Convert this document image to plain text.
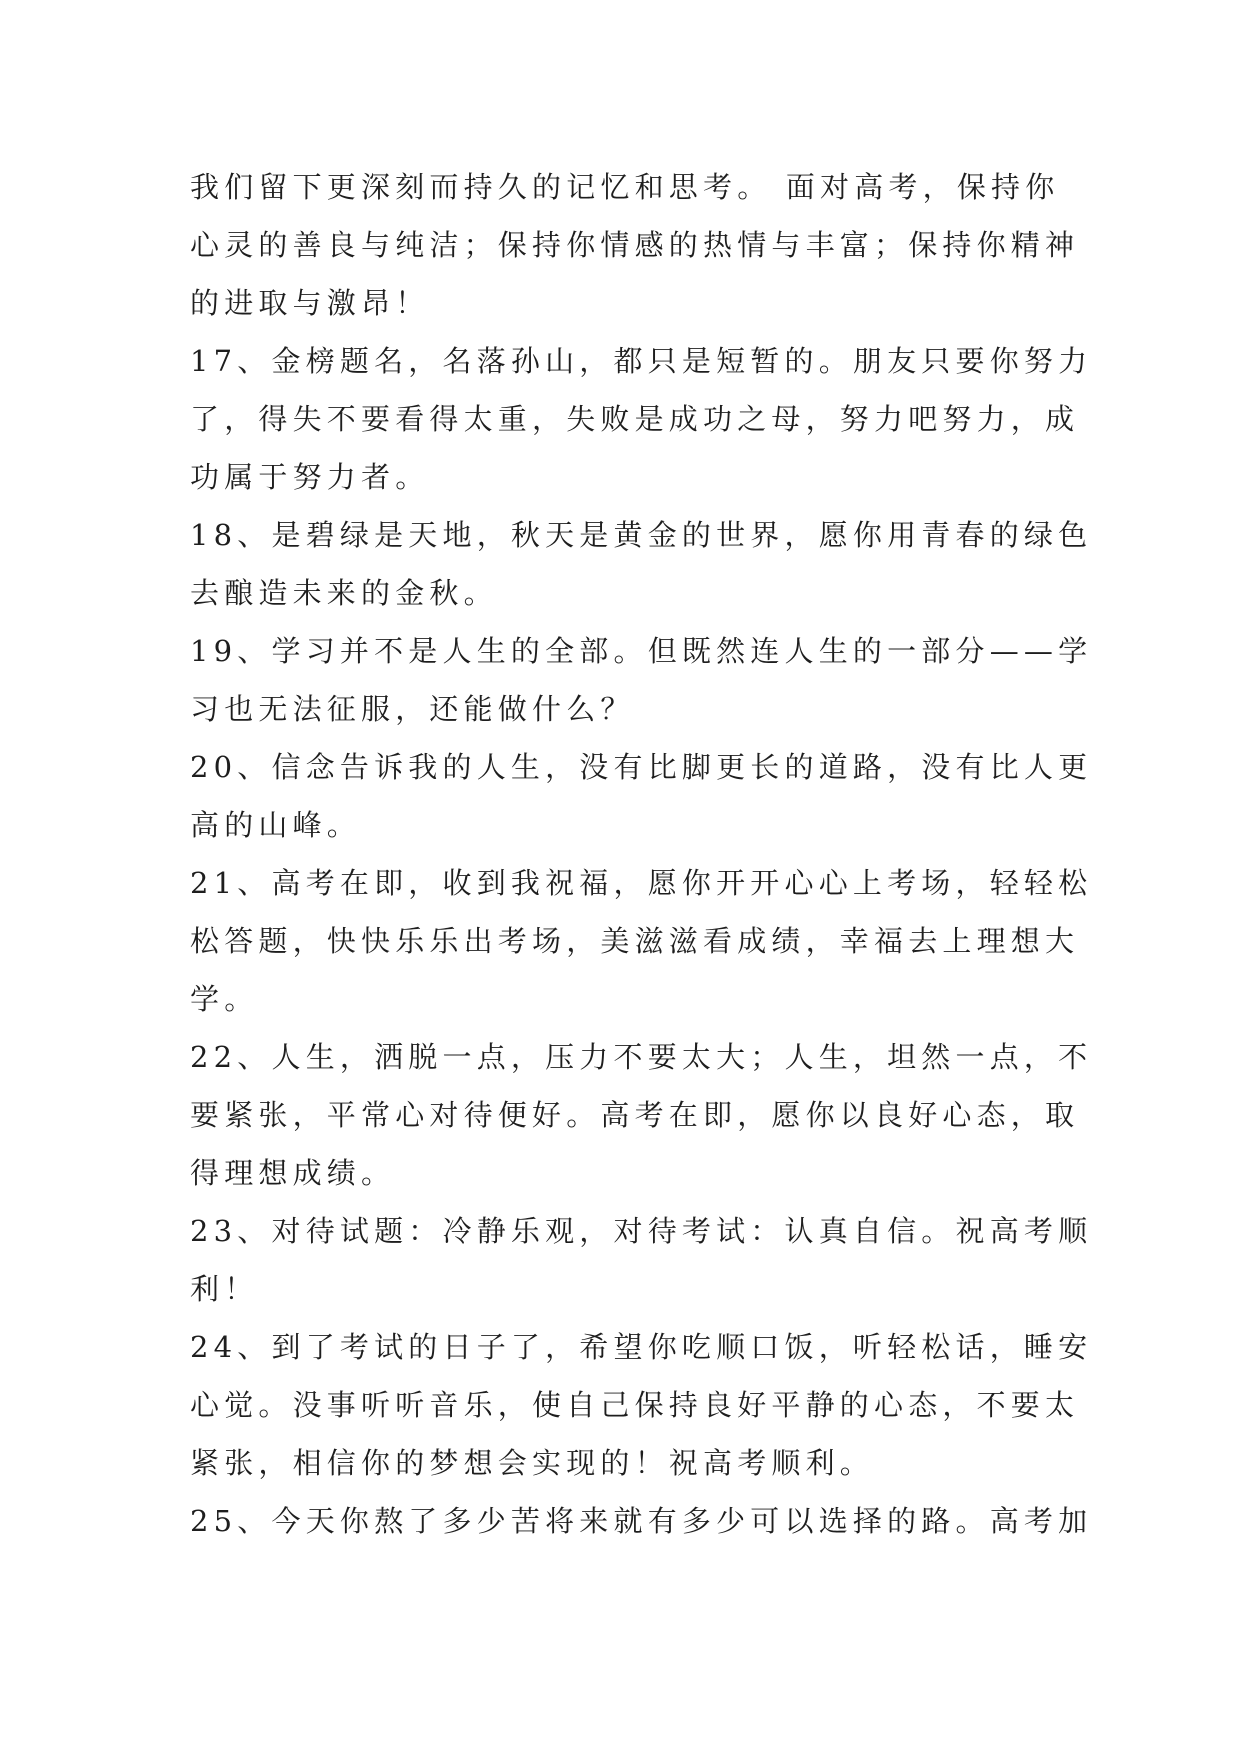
我们留下更深刻而持久的记忆和思考。 面对高考，保持你
心灵的善良与纯洁；保持你情感的热情与丰富；保持你精神
的进取与激昂！
17、金榜题名，名落孙山，都只是短暂的。朋友只要你努力
了，得失不要看得太重，失败是成功之母，努力吧努力，成
功属于努力者。
18、是碧绿是天地，秋天是黄金的世界，愿你用青春的绿色
去酿造未来的金秋。
19、学习并不是人生的全部。但既然连人生的一部分——学
习也无法征服，还能做什么？
20、信念告诉我的人生，没有比脚更长的道路，没有比人更
高的山峰。
21、高考在即，收到我祝福，愿你开开心心上考场，轻轻松
松答题，快快乐乐出考场，美滋滋看成绩，幸福去上理想大
学。
22、人生，洒脱一点，压力不要太大；人生，坦然一点，不
要紧张，平常心对待便好。高考在即，愿你以良好心态，取
得理想成绩。
23、对待试题：冷静乐观，对待考试：认真自信。祝高考顺
利！
24、到了考试的日子了，希望你吃顺口饭，听轻松话，睡安
心觉。没事听听音乐，使自己保持良好平静的心态，不要太
紧张，相信你的梦想会实现的！祝高考顺利。
25、今天你熬了多少苦将来就有多少可以选择的路。高考加
